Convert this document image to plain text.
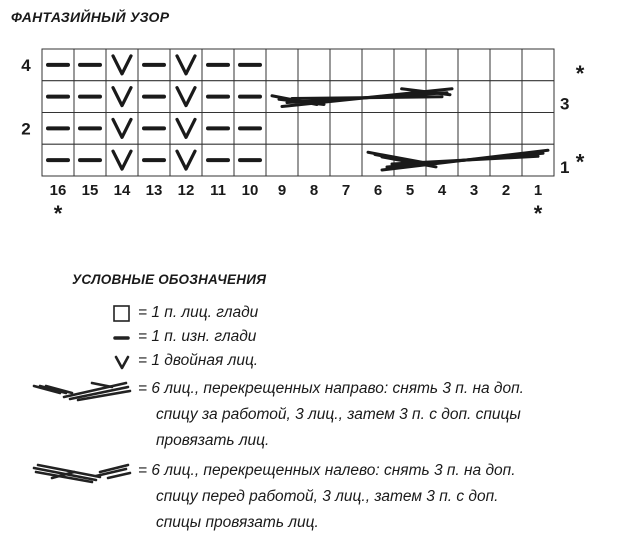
ФАНТАЗИЙНЫЙ УЗОР
4
3
2
1
16 15 14 13 12 11 10 9 8 7 6 5 4 3 2 1
*	*
*
*
УСЛОВНЫЕ ОБОЗНАЧЕНИЯ
= 1 п. лиц. глади
= 1 п. изн. глади
= 1 двойная лиц.
= 6 лиц., перекрещенных направо: снять 3 п. на доп.
спицу за работой, 3 лиц., затем 3 п. с доп. спицы
провязать лиц.
= 6 лиц., перекрещенных налево: снять 3 п. на доп.
спицу перед работой, 3 лиц., затем 3 п. с доп.
спицы провязать лиц.
